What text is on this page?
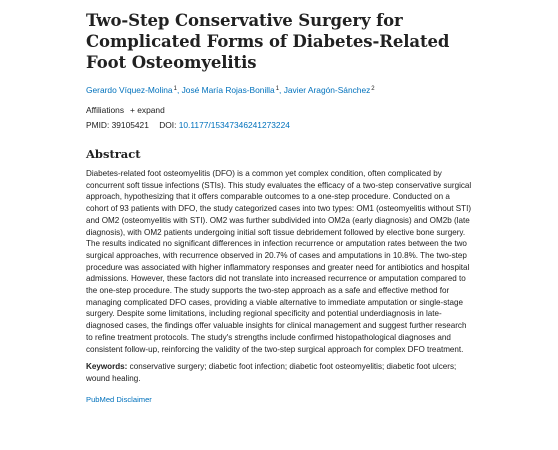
Two-Step Conservative Surgery for Complicated Forms of Diabetes-Related Foot Osteomyelitis
Gerardo Víquez-Molina$^1$, José María Rojas-Bonilla$^1$, Javier Aragón-Sánchez$^2$
Affiliations + expand
PMID: 39105421 DOI: 10.1177/15347346241273224
Abstract
Diabetes-related foot osteomyelitis (DFO) is a common yet complex condition, often complicated by concurrent soft tissue infections (STIs). This study evaluates the efficacy of a two-step conservative surgical approach, hypothesizing that it offers comparable outcomes to a one-step procedure. Conducted on a cohort of 93 patients with DFO, the study categorized cases into two types: OM1 (osteomyelitis without STI) and OM2 (osteomyelitis with STI). OM2 was further subdivided into OM2a (early diagnosis) and OM2b (late diagnosis), with OM2 patients undergoing initial soft tissue debridement followed by elective bone surgery. The results indicated no significant differences in infection recurrence or amputation rates between the two surgical approaches, with recurrence observed in 20.7% of cases and amputations in 10.8%. The two-step procedure was associated with higher inflammatory responses and greater need for antibiotics and hospital admissions. However, these factors did not translate into increased recurrence or amputation compared to the one-step procedure. The study supports the two-step approach as a safe and effective method for managing complicated DFO cases, providing a viable alternative to immediate amputation or single-stage surgery. Despite some limitations, including regional specificity and potential underdiagnosis in late-diagnosed cases, the findings offer valuable insights for clinical management and suggest further research to refine treatment protocols. The study's strengths include confirmed histopathological diagnoses and consistent follow-up, reinforcing the validity of the two-step surgical approach for complex DFO treatment.
Keywords: conservative surgery; diabetic foot infection; diabetic foot osteomyelitis; diabetic foot ulcers; wound healing.
PubMed Disclaimer
